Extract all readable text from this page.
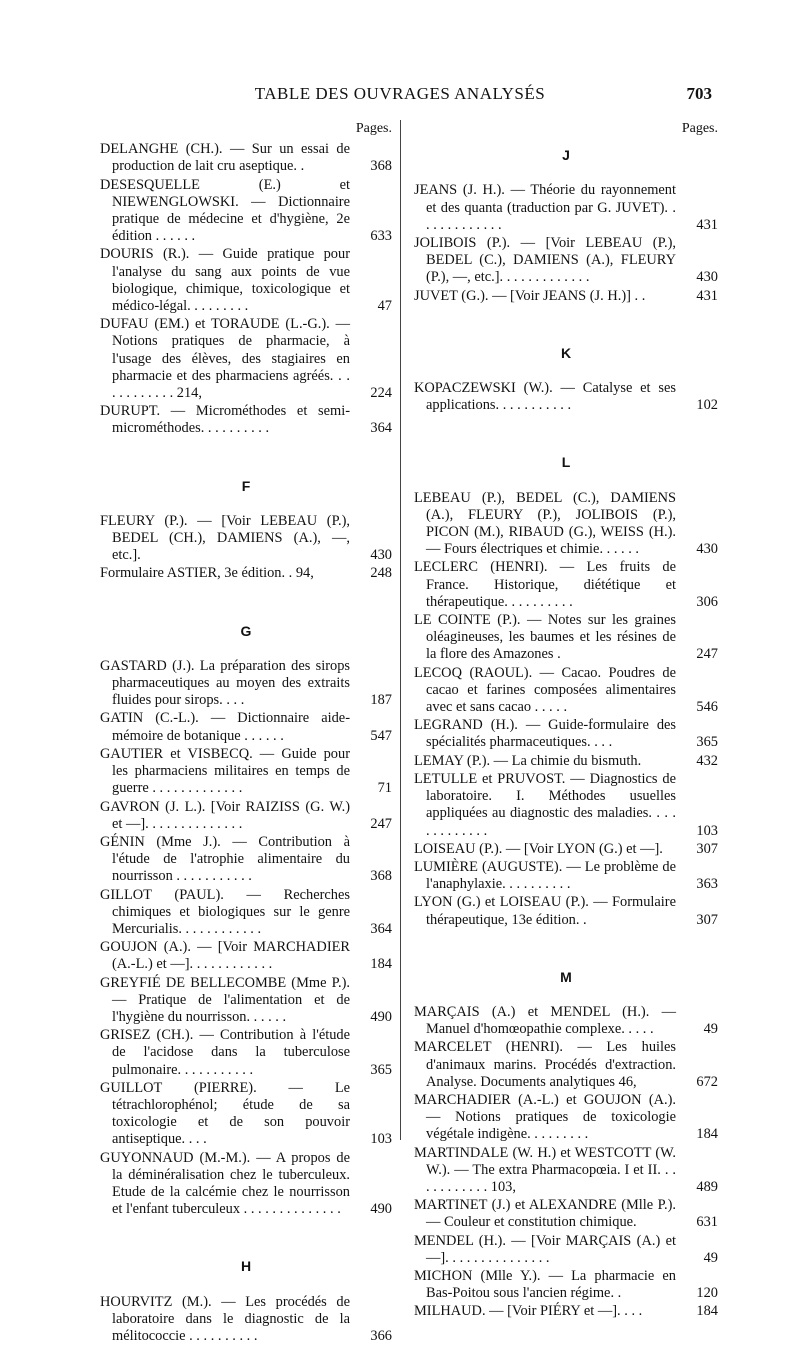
TABLE DES OUVRAGES ANALYSÉS	703
Pages.
DELANGHE (CH.). — Sur un essai de production de lait cru aseptique. .	368
DESESQUELLE (E.) et NIEWENGLOWSKI. — Dictionnaire pratique de médecine et d'hygiène, 2e édition . . . . . .	633
DOURIS (R.). — Guide pratique pour l'analyse du sang aux points de vue biologique, chimique, toxicologique et médico-légal. . . . . . . . .	47
DUFAU (EM.) et TORAUDE (L.-G.). — Notions pratiques de pharmacie, à l'usage des élèves, des stagiaires en pharmacie et des pharmaciens agréés. . . . . . . . . . . . 214,	224
DURUPT. — Microméthodes et semi-microméthodes. . . . . . . . . .	364
F
FLEURY (P.). — [Voir LEBEAU (P.), BEDEL (CH.), DAMIENS (A.), —, etc.].	430
Formulaire ASTIER, 3e édition. . 94,	248
G
GASTARD (J.). La préparation des sirops pharmaceutiques au moyen des extraits fluides pour sirops. . . .	187
GATIN (C.-L.). — Dictionnaire aide-mémoire de botanique . . . . . .	547
GAUTIER et VISBECQ. — Guide pour les pharmaciens militaires en temps de guerre . . . . . . . . . . . . .	71
GAVRON (J. L.). [Voir RAIZISS (G. W.) et —]. . . . . . . . . . . . . .	247
GÉNIN (Mme J.). — Contribution à l'étude de l'atrophie alimentaire du nourrisson . . . . . . . . . . .	368
GILLOT (PAUL). — Recherches chimiques et biologiques sur le genre Mercurialis. . . . . . . . . . . .	364
GOUJON (A.). — [Voir MARCHADIER (A.-L.) et —]. . . . . . . . . . . .	184
GREYFIÉ DE BELLECOMBE (Mme P.). — Pratique de l'alimentation et de l'hygiène du nourrisson. . . . . .	490
GRISEZ (CH.). — Contribution à l'étude de l'acidose dans la tuberculose pulmonaire. . . . . . . . . . .	365
GUILLOT (PIERRE). — Le tétrachlorophénol; étude de sa toxicologie et de son pouvoir antiseptique. . . .	103
GUYONNAUD (M.-M.). — A propos de la déminéralisation chez le tuberculeux. Etude de la calcémie chez le nourrisson et l'enfant tuberculeux . . . . . . . . . . . . . .	490
H
HOURVITZ (M.). — Les procédés de laboratoire dans le diagnostic de la mélitococcie . . . . . . . . . .	366
Pages.
J
JEANS (J. H.). — Théorie du rayonnement et des quanta (traduction par G. JUVET). . . . . . . . . . . . .	431
JOLIBOIS (P.). — [Voir LEBEAU (P.), BEDEL (C.), DAMIENS (A.), FLEURY (P.), —, etc.]. . . . . . . . . . . . .	430
JUVET (G.). — [Voir JEANS (J. H.)] . .	431
K
KOPACZEWSKI (W.). — Catalyse et ses applications. . . . . . . . . . .	102
L
LEBEAU (P.), BEDEL (C.), DAMIENS (A.), FLEURY (P.), JOLIBOIS (P.), PICON (M.), RIBAUD (G.), WEISS (H.). — Fours électriques et chimie. . . . . .	430
LECLERC (HENRI). — Les fruits de France. Historique, diététique et thérapeutique. . . . . . . . . .	306
LE COINTE (P.). — Notes sur les graines oléagineuses, les baumes et les résines de la flore des Amazones .	247
LECOQ (RAOUL). — Cacao. Poudres de cacao et farines composées alimentaires avec et sans cacao . . . . .	546
LEGRAND (H.). — Guide-formulaire des spécialités pharmaceutiques. . . .	365
LEMAY (P.). — La chimie du bismuth.	432
LETULLE et PRUVOST. — Diagnostics de laboratoire. I. Méthodes usuelles appliquées au diagnostic des maladies. . . . . . . . . . . . .	103
LOISEAU (P.). — [Voir LYON (G.) et —].	307
LUMIÈRE (AUGUSTE). — Le problème de l'anaphylaxie. . . . . . . . . .	363
LYON (G.) et LOISEAU (P.). — Formulaire thérapeutique, 13e édition. .	307
M
MARÇAIS (A.) et MENDEL (H.). — Manuel d'homœopathie complexe. . . . .	49
MARCELET (HENRI). — Les huiles d'animaux marins. Procédés d'extraction. Analyse. Documents analytiques 46,	672
MARCHADIER (A.-L.) et GOUJON (A.). — Notions pratiques de toxicologie végétale indigène. . . . . . . . .	184
MARTINDALE (W. H.) et WESTCOTT (W. W.). — The extra Pharmacopœia. I et II. . . . . . . . . . . . 103,	489
MARTINET (J.) et ALEXANDRE (Mlle P.). — Couleur et constitution chimique.	631
MENDEL (H.). — [Voir MARÇAIS (A.) et —]. . . . . . . . . . . . . . .	49
MICHON (Mlle Y.). — La pharmacie en Bas-Poitou sous l'ancien régime. .	120
MILHAUD. — [Voir PIÉRY et —]. . . .	184
